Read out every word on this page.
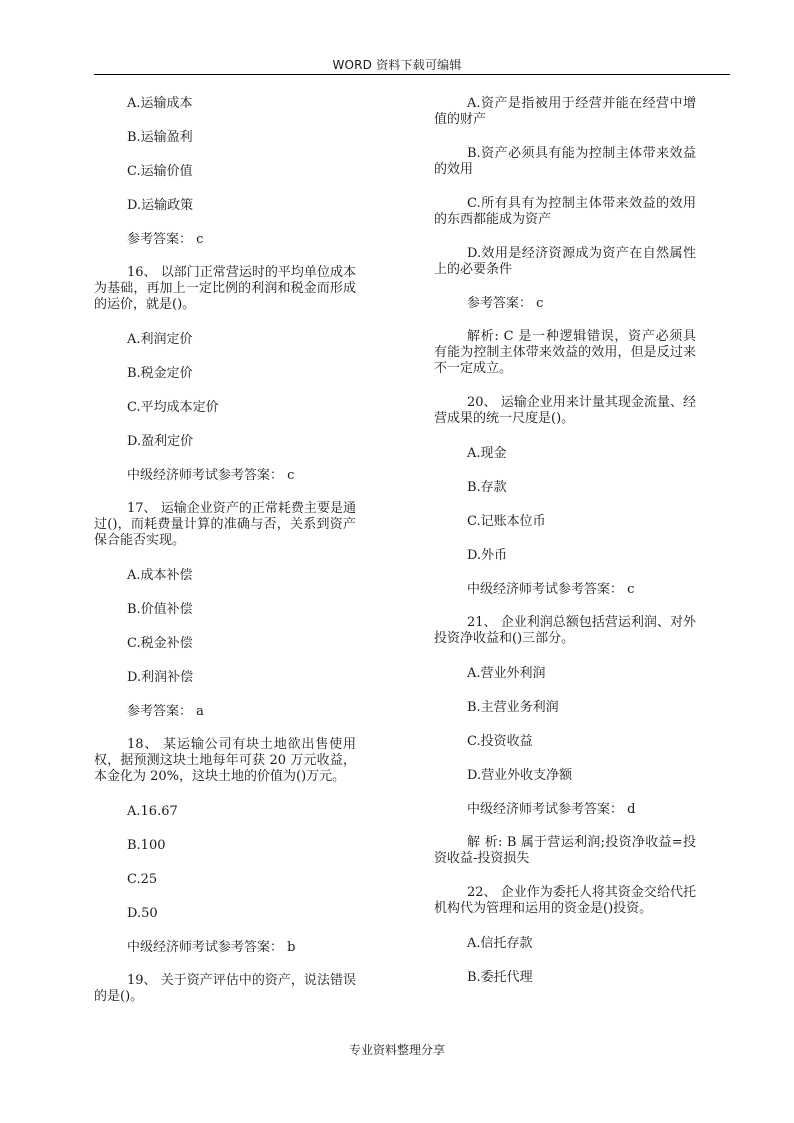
WORD 资料下载可编辑
A.运输成本
B.运输盈利
C.运输价值
D.运输政策
参考答案： c
16、 以部门正常营运时的平均单位成本为基础，再加上一定比例的利润和税金而形成的运价，就是()。
A.利润定价
B.税金定价
C.平均成本定价
D.盈利定价
中级经济师考试参考答案： c
17、 运输企业资产的正常耗费主要是通过()，而耗费量计算的准确与否，关系到资产保合能否实现。
A.成本补偿
B.价值补偿
C.税金补偿
D.利润补偿
参考答案： a
18、 某运输公司有块土地欲出售使用权，据预测这块土地每年可获 20 万元收益，本金化为 20%，这块土地的价值为()万元。
A.16.67
B.100
C.25
D.50
中级经济师考试参考答案： b
19、 关于资产评估中的资产，说法错误的是()。
A.资产是指被用于经营并能在经营中增值的财产
B.资产必须具有能为控制主体带来效益的效用
C.所有具有为控制主体带来效益的效用的东西都能成为资产
D.效用是经济资源成为资产在自然属性上的必要条件
参考答案： c
解析: C 是一种逻辑错误，资产必须具有能为控制主体带来效益的效用，但是反过来不一定成立。
20、 运输企业用来计量其现金流量、经营成果的统一尺度是()。
A.现金
B.存款
C.记账本位币
D.外币
中级经济师考试参考答案： c
21、 企业利润总额包括营运利润、对外投资净收益和()三部分。
A.营业外利润
B.主营业务利润
C.投资收益
D.营业外收支净额
中级经济师考试参考答案： d
解 析: B 属于营运利润;投资净收益=投资收益-投资损失
22、 企业作为委托人将其资金交给代托机构代为管理和运用的资金是()投资。
A.信托存款
B.委托代理
专业资料整理分享
